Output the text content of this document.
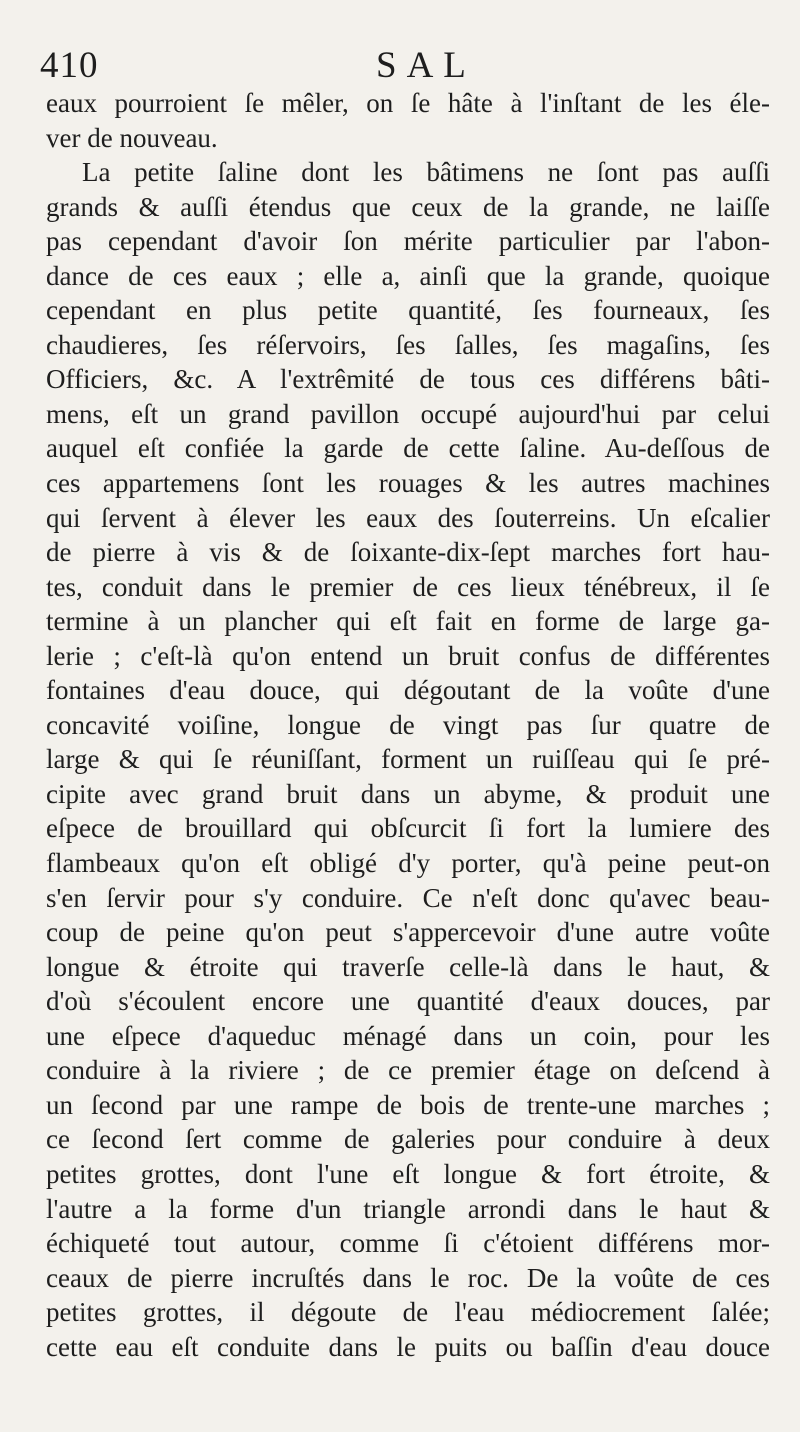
410	SAL
eaux pourroient ſe mêler, on ſe hâte à l'inſtant de les éle-
ver de nouveau.
La petite ſaline dont les bâtimens ne ſont pas auſſi
grands & auſſi étendus que ceux de la grande, ne laiſſe
pas cependant d'avoir ſon mérite particulier par l'abon-
dance de ces eaux ; elle a, ainſi que la grande, quoique
cependant en plus petite quantité, ſes fourneaux, ſes
chaudieres, ſes réſervoirs, ſes ſalles, ſes magaſins, ſes
Officiers, &c. A l'extrêmité de tous ces différens bâti-
mens, eſt un grand pavillon occupé aujourd'hui par celui
auquel eſt confiée la garde de cette ſaline. Au-deſſous de
ces appartemens ſont les rouages & les autres machines
qui ſervent à élever les eaux des ſouterreins. Un eſcalier
de pierre à vis & de ſoixante-dix-ſept marches fort hau-
tes, conduit dans le premier de ces lieux ténébreux, il ſe
termine à un plancher qui eſt fait en forme de large ga-
lerie ; c'eſt-là qu'on entend un bruit confus de différentes
fontaines d'eau douce, qui dégoutant de la voûte d'une
concavité voiſine, longue de vingt pas ſur quatre de
large & qui ſe réuniſſant, forment un ruiſſeau qui ſe pré-
cipite avec grand bruit dans un abyme, & produit une
eſpece de brouillard qui obſcurcit ſi fort la lumiere des
flambeaux qu'on eſt obligé d'y porter, qu'à peine peut-on
s'en ſervir pour s'y conduire. Ce n'eſt donc qu'avec beau-
coup de peine qu'on peut s'appercevoir d'une autre voûte
longue & étroite qui traverſe celle-là dans le haut, &
d'où s'écoulent encore une quantité d'eaux douces, par
une eſpece d'aqueduc ménagé dans un coin, pour les
conduire à la riviere ; de ce premier étage on deſcend à
un ſecond par une rampe de bois de trente-une marches ;
ce ſecond ſert comme de galeries pour conduire à deux
petites grottes, dont l'une eſt longue & fort étroite, &
l'autre a la forme d'un triangle arrondi dans le haut &
échiqueté tout autour, comme ſi c'étoient différens mor-
ceaux de pierre incruſtés dans le roc. De la voûte de ces
petites grottes, il dégoute de l'eau médiocrement ſalée;
cette eau eſt conduite dans le puits ou baſſin d'eau douce
